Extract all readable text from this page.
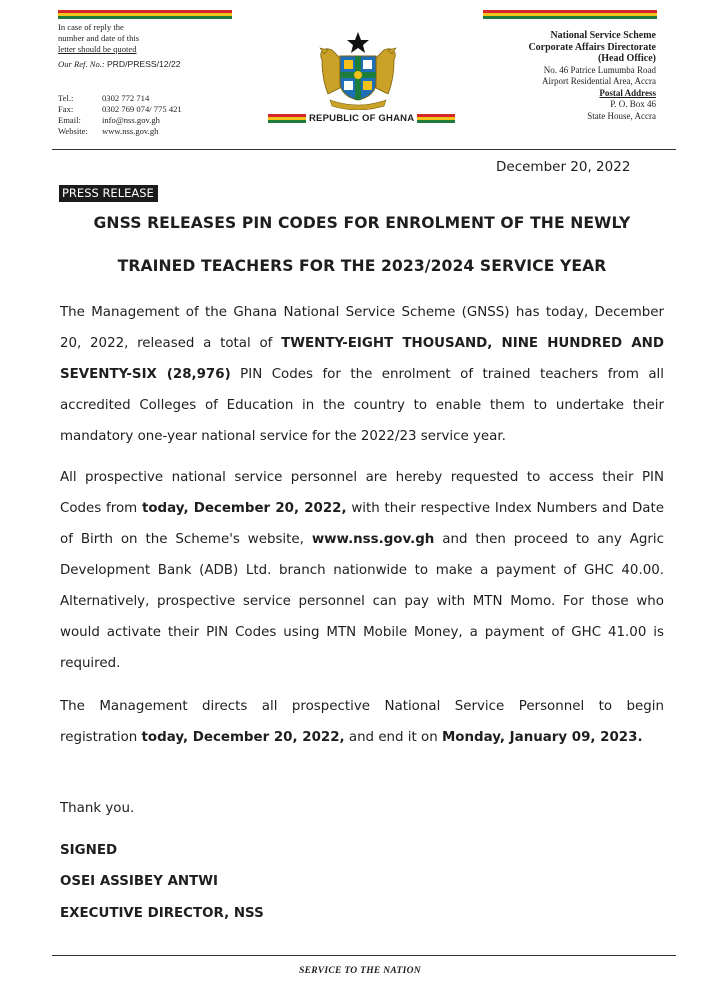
In case of reply the
number and date of this
letter should be quoted
Our Ref. No.: PRD/PRESS/12/22
Tel.:	0302 772 714
Fax:	0302 769 074/ 775 421
Email:	info@nss.gov.gh
Website:	www.nss.gov.gh
REPUBLIC OF GHANA
National Service Scheme
Corporate Affairs Directorate
(Head Office)
No. 46 Patrice Lumumba Road
Airport Residential Area, Accra
Postal Address
P. O. Box 46
State House, Accra
December 20, 2022
PRESS RELEASE
GNSS RELEASES PIN CODES FOR ENROLMENT OF THE NEWLY
TRAINED TEACHERS FOR THE 2023/2024 SERVICE YEAR
The Management of the Ghana National Service Scheme (GNSS) has today, December
20, 2022, released a total of TWENTY-EIGHT THOUSAND, NINE HUNDRED AND
SEVENTY-SIX (28,976) PIN Codes for the enrolment of trained teachers from all
accredited Colleges of Education in the country to enable them to undertake their
mandatory one-year national service for the 2022/23 service year.
All prospective national service personnel are hereby requested to access their PIN
Codes from today, December 20, 2022, with their respective Index Numbers and Date
of Birth on the Scheme's website, www.nss.gov.gh and then proceed to any Agric
Development Bank (ADB) Ltd. branch nationwide to make a payment of GHC 40.00.
Alternatively, prospective service personnel can pay with MTN Momo. For those who
would activate their PIN Codes using MTN Mobile Money, a payment of GHC 41.00 is
required.
The Management directs all prospective National Service Personnel to begin
registration today, December 20, 2022, and end it on Monday, January 09, 2023.
Thank you.
SIGNED
OSEI ASSIBEY ANTWI
EXECUTIVE DIRECTOR, NSS
SERVICE TO THE NATION
